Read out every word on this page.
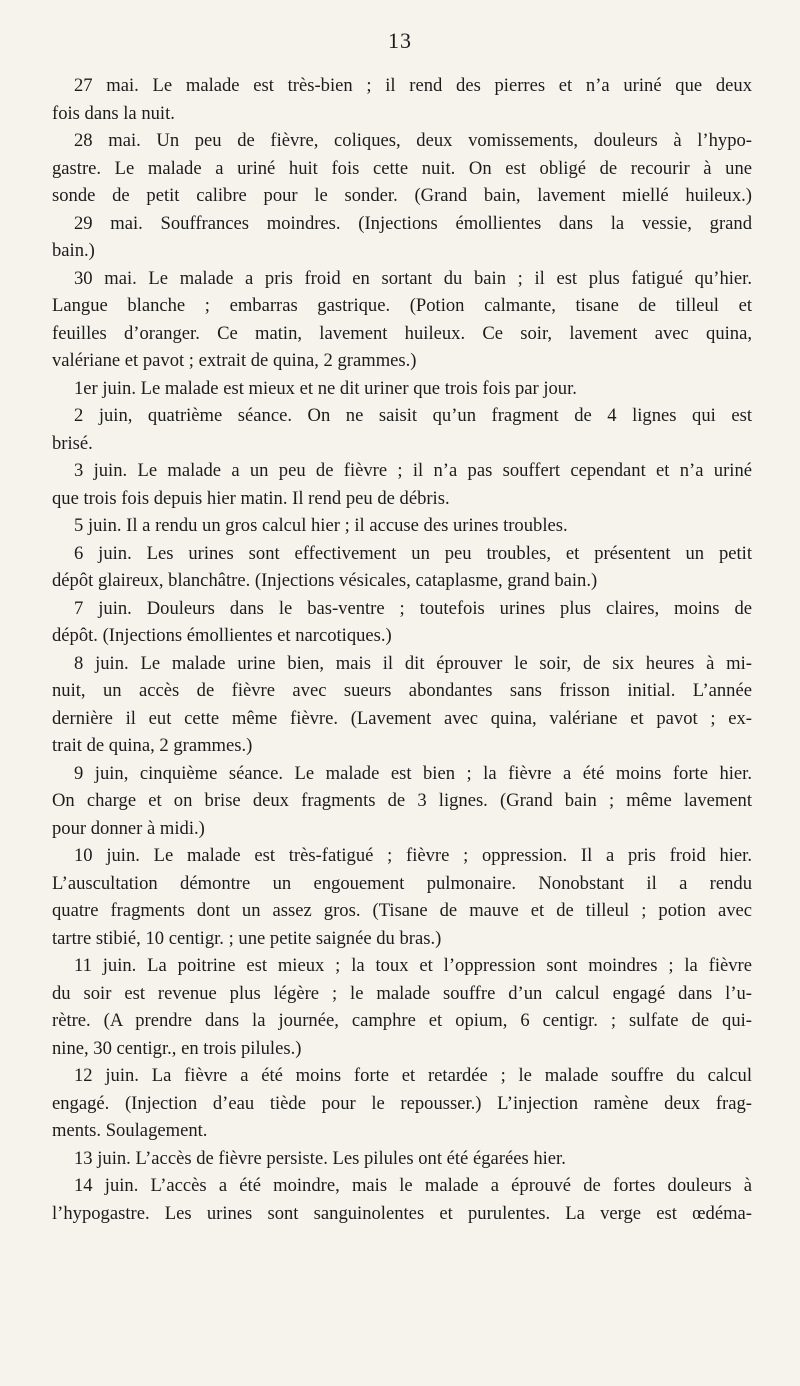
13
27 mai. Le malade est très-bien ; il rend des pierres et n’a uriné que deux
fois dans la nuit.
28 mai. Un peu de fièvre, coliques, deux vomissements, douleurs à l’hypo-
gastre. Le malade a uriné huit fois cette nuit. On est obligé de recourir à une
sonde de petit calibre pour le sonder. (Grand bain, lavement miellé huileux.)
29 mai. Souffrances moindres. (Injections émollientes dans la vessie, grand
bain.)
30 mai. Le malade a pris froid en sortant du bain ; il est plus fatigué qu’hier.
Langue blanche ; embarras gastrique. (Potion calmante, tisane de tilleul et
feuilles d’oranger. Ce matin, lavement huileux. Ce soir, lavement avec quina,
valériane et pavot ; extrait de quina, 2 grammes.)
1er juin. Le malade est mieux et ne dit uriner que trois fois par jour.
2 juin, quatrième séance. On ne saisit qu’un fragment de 4 lignes qui est
brisé.
3 juin. Le malade a un peu de fièvre ; il n’a pas souffert cependant et n’a uriné
que trois fois depuis hier matin. Il rend peu de débris.
5 juin. Il a rendu un gros calcul hier ; il accuse des urines troubles.
6 juin. Les urines sont effectivement un peu troubles, et présentent un petit
dépôt glaireux, blanchâtre. (Injections vésicales, cataplasme, grand bain.)
7 juin. Douleurs dans le bas-ventre ; toutefois urines plus claires, moins de
dépôt. (Injections émollientes et narcotiques.)
8 juin. Le malade urine bien, mais il dit éprouver le soir, de six heures à mi-
nuit, un accès de fièvre avec sueurs abondantes sans frisson initial. L’année
dernière il eut cette même fièvre. (Lavement avec quina, valériane et pavot ; ex-
trait de quina, 2 grammes.)
9 juin, cinquième séance. Le malade est bien ; la fièvre a été moins forte hier.
On charge et on brise deux fragments de 3 lignes. (Grand bain ; même lavement
pour donner à midi.)
10 juin. Le malade est très-fatigué ; fièvre ; oppression. Il a pris froid hier.
L’auscultation démontre un engouement pulmonaire. Nonobstant il a rendu
quatre fragments dont un assez gros. (Tisane de mauve et de tilleul ; potion avec
tartre stibié, 10 centigr. ; une petite saignée du bras.)
11 juin. La poitrine est mieux ; la toux et l’oppression sont moindres ; la fièvre
du soir est revenue plus légère ; le malade souffre d’un calcul engagé dans l’u-
rètre. (A prendre dans la journée, camphre et opium, 6 centigr. ; sulfate de qui-
nine, 30 centigr., en trois pilules.)
12 juin. La fièvre a été moins forte et retardée ; le malade souffre du calcul
engagé. (Injection d’eau tiède pour le repousser.) L’injection ramène deux frag-
ments. Soulagement.
13 juin. L’accès de fièvre persiste. Les pilules ont été égarées hier.
14 juin. L’accès a été moindre, mais le malade a éprouvé de fortes douleurs à
l’hypogastre. Les urines sont sanguinolentes et purulentes. La verge est œdéma-
